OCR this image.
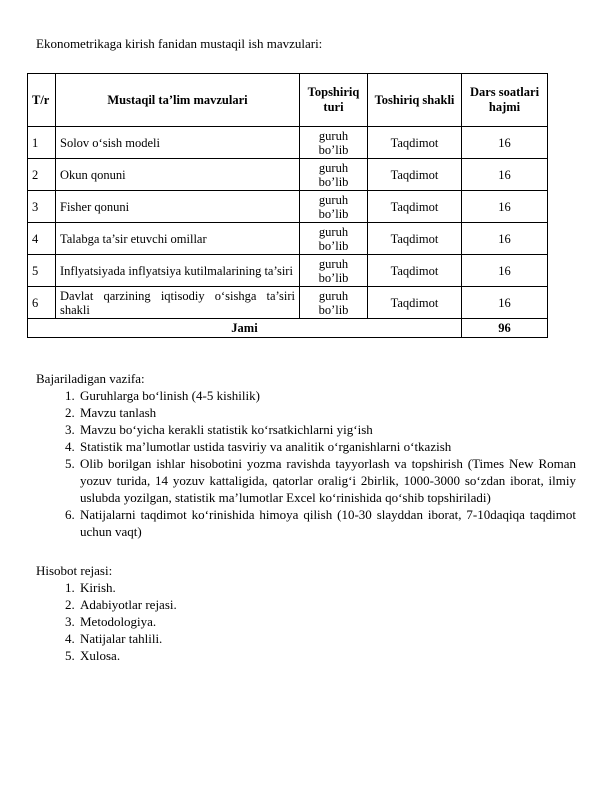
Ekonometrikaga kirish fanidan mustaqil ish mavzulari:

T/r	Mustaqil ta’lim mavzulari	Topshiriq turi	Toshiriq shakli	Dars soatlari hajmi
1	Solov o‘sish modeli	guruh bo’lib	Taqdimot	16
2	Okun qonuni	guruh bo’lib	Taqdimot	16
3	Fisher qonuni	guruh bo’lib	Taqdimot	16
4	Talabga ta’sir etuvchi omillar	guruh bo’lib	Taqdimot	16
5	Inflyatsiyada inflyatsiya kutilmalarining ta’siri	guruh bo’lib	Taqdimot	16
6	Davlat qarzining iqtisodiy o‘sishga ta’siri shakli	guruh bo’lib	Taqdimot	16
Jami				96

Bajariladigan vazifa:

1. Guruhlarga bo‘linish (4-5 kishilik)
2. Mavzu tanlash
3. Mavzu bo‘yicha kerakli statistik ko‘rsatkichlarni yig‘ish
4. Statistik ma’lumotlar ustida tasviriy va analitik o‘rganishlarni o‘tkazish
5. Olib borilgan ishlar hisobotini yozma ravishda tayyorlash va topshirish (Times New Roman yozuv turida, 14 yozuv kattaligida, qatorlar oralig‘i 2birlik, 1000-3000 so‘zdan iborat, ilmiy uslubda yozilgan, statistik ma’lumotlar Excel ko‘rinishida qo‘shib topshiriladi)
6. Natijalarni taqdimot ko‘rinishida himoya qilish (10-30 slayddan iborat, 7-10daqiqa taqdimot uchun vaqt)

Hisobot rejasi:

1. Kirish.
2. Adabiyotlar rejasi.
3. Metodologiya.
4. Natijalar tahlili.
5. Xulosa.
